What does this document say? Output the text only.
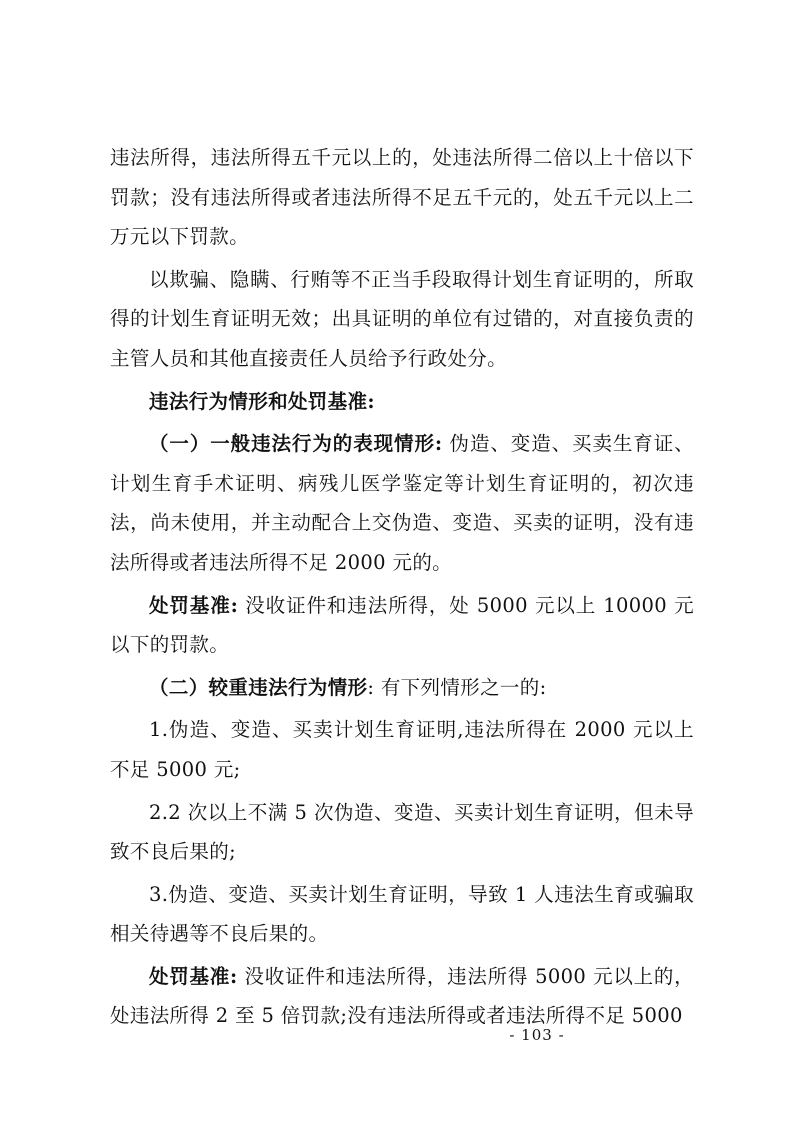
违法所得，违法所得五千元以上的，处违法所得二倍以上十倍以下罚款；没有违法所得或者违法所得不足五千元的，处五千元以上二万元以下罚款。

以欺骗、隐瞒、行贿等不正当手段取得计划生育证明的，所取得的计划生育证明无效；出具证明的单位有过错的，对直接负责的主管人员和其他直接责任人员给予行政处分。

违法行为情形和处罚基准:

（一）一般违法行为的表现情形: 伪造、变造、买卖生育证、计划生育手术证明、病残儿医学鉴定等计划生育证明的，初次违法，尚未使用，并主动配合上交伪造、变造、买卖的证明，没有违法所得或者违法所得不足 2000 元的。

处罚基准: 没收证件和违法所得，处 5000 元以上 10000 元以下的罚款。

（二）较重违法行为情形: 有下列情形之一的:

1.伪造、变造、买卖计划生育证明,违法所得在 2000 元以上不足 5000 元;

2.2 次以上不满 5 次伪造、变造、买卖计划生育证明，但未导致不良后果的;

3.伪造、变造、买卖计划生育证明，导致 1 人违法生育或骗取相关待遇等不良后果的。

处罚基准: 没收证件和违法所得，违法所得 5000 元以上的，处违法所得 2 至 5 倍罚款;没有违法所得或者违法所得不足 5000

- 103 -
